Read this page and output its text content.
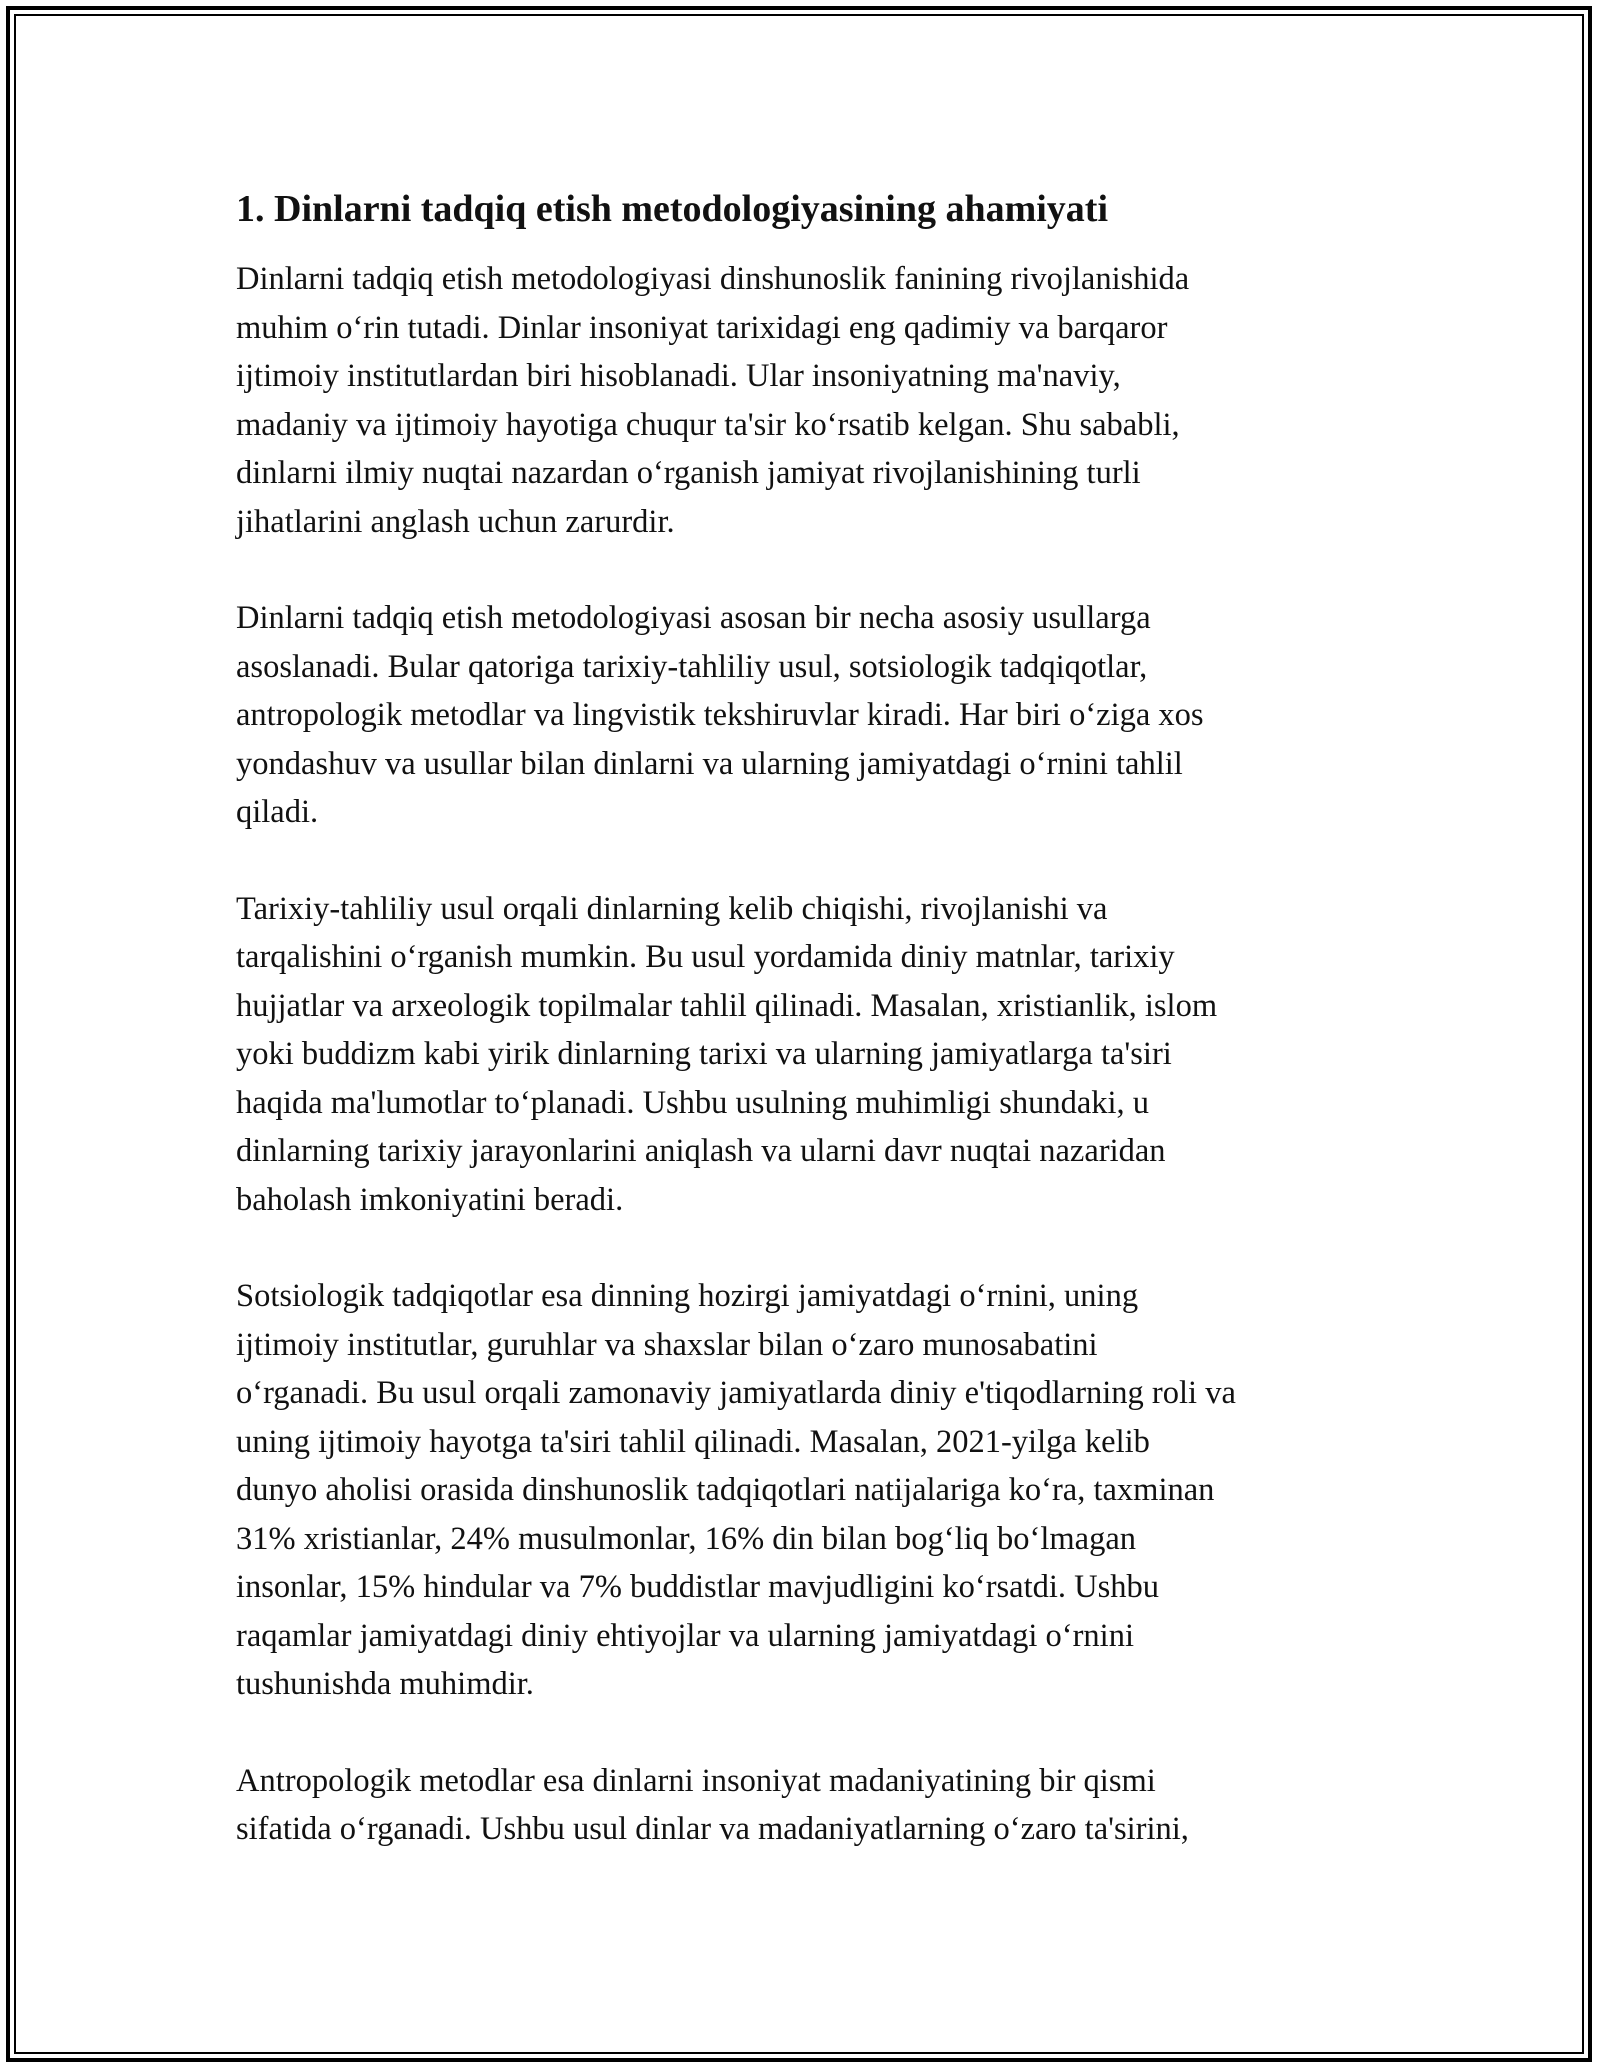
1. Dinlarni tadqiq etish metodologiyasining ahamiyati

Dinlarni tadqiq etish metodologiyasi dinshunoslik fanining rivojlanishida
muhim o‘rin tutadi. Dinlar insoniyat tarixidagi eng qadimiy va barqaror
ijtimoiy institutlardan biri hisoblanadi. Ular insoniyatning ma'naviy,
madaniy va ijtimoiy hayotiga chuqur ta'sir ko‘rsatib kelgan. Shu sababli,
dinlarni ilmiy nuqtai nazardan o‘rganish jamiyat rivojlanishining turli
jihatlarini anglash uchun zarurdir.

Dinlarni tadqiq etish metodologiyasi asosan bir necha asosiy usullarga
asoslanadi. Bular qatoriga tarixiy-tahliliy usul, sotsiologik tadqiqotlar,
antropologik metodlar va lingvistik tekshiruvlar kiradi. Har biri o‘ziga xos
yondashuv va usullar bilan dinlarni va ularning jamiyatdagi o‘rnini tahlil
qiladi.

Tarixiy-tahliliy usul orqali dinlarning kelib chiqishi, rivojlanishi va
tarqalishini o‘rganish mumkin. Bu usul yordamida diniy matnlar, tarixiy
hujjatlar va arxeologik topilmalar tahlil qilinadi. Masalan, xristianlik, islom
yoki buddizm kabi yirik dinlarning tarixi va ularning jamiyatlarga ta'siri
haqida ma'lumotlar to‘planadi. Ushbu usulning muhimligi shundaki, u
dinlarning tarixiy jarayonlarini aniqlash va ularni davr nuqtai nazaridan
baholash imkoniyatini beradi.

Sotsiologik tadqiqotlar esa dinning hozirgi jamiyatdagi o‘rnini, uning
ijtimoiy institutlar, guruhlar va shaxslar bilan o‘zaro munosabatini
o‘rganadi. Bu usul orqali zamonaviy jamiyatlarda diniy e'tiqodlarning roli va
uning ijtimoiy hayotga ta'siri tahlil qilinadi. Masalan, 2021-yilga kelib
dunyo aholisi orasida dinshunoslik tadqiqotlari natijalariga ko‘ra, taxminan
31% xristianlar, 24% musulmonlar, 16% din bilan bog‘liq bo‘lmagan
insonlar, 15% hindular va 7% buddistlar mavjudligini ko‘rsatdi. Ushbu
raqamlar jamiyatdagi diniy ehtiyojlar va ularning jamiyatdagi o‘rnini
tushunishda muhimdir.

Antropologik metodlar esa dinlarni insoniyat madaniyatining bir qismi
sifatida o‘rganadi. Ushbu usul dinlar va madaniyatlarning o‘zaro ta'sirini,
